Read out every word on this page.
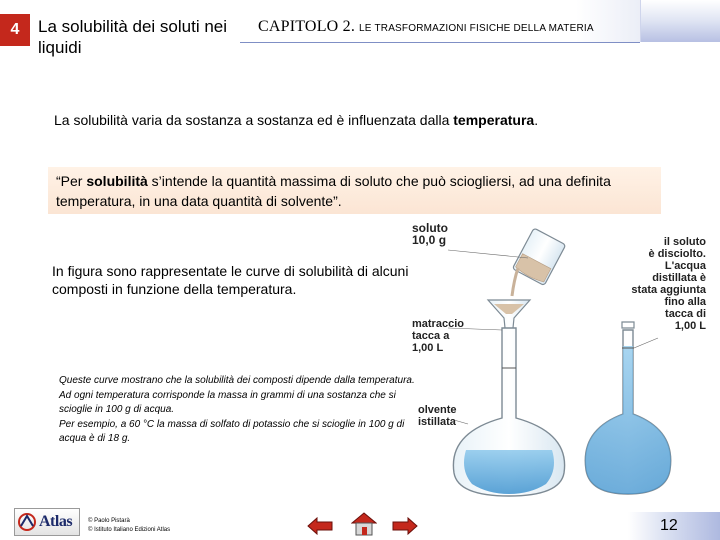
4 La solubilità dei soluti nei liquidi
CAPITOLO 2. LE TRASFORMAZIONI FISICHE DELLA MATERIA
La solubilità varia da sostanza a sostanza ed è influenzata dalla temperatura.
“Per solubilità s’intende la quantità massima di soluto che può sciogliersi, ad una definita temperatura, in una data quantità di solvente”.
In figura sono rappresentate le curve di solubilità di alcuni composti in funzione della temperatura.
soluto
10,0 g
matraccio
tacca a
1,00 L
olvente
istillata
il soluto
è disciolto.
L'acqua
distillata è
stata aggiunta
fino alla
tacca di
1,00 L
Queste curve mostrano che la solubilità dei composti dipende dalla temperatura.
Ad ogni temperatura corrisponde la massa in grammi di una sostanza che si scioglie in 100 g di acqua.
Per esempio, a 60 °C la massa di solfato di potassio che si scioglie in 100 g di acqua è di 18 g.
Atlas	© Paolo Pistarà
© Istituto Italiano Edizioni Atlas	12
